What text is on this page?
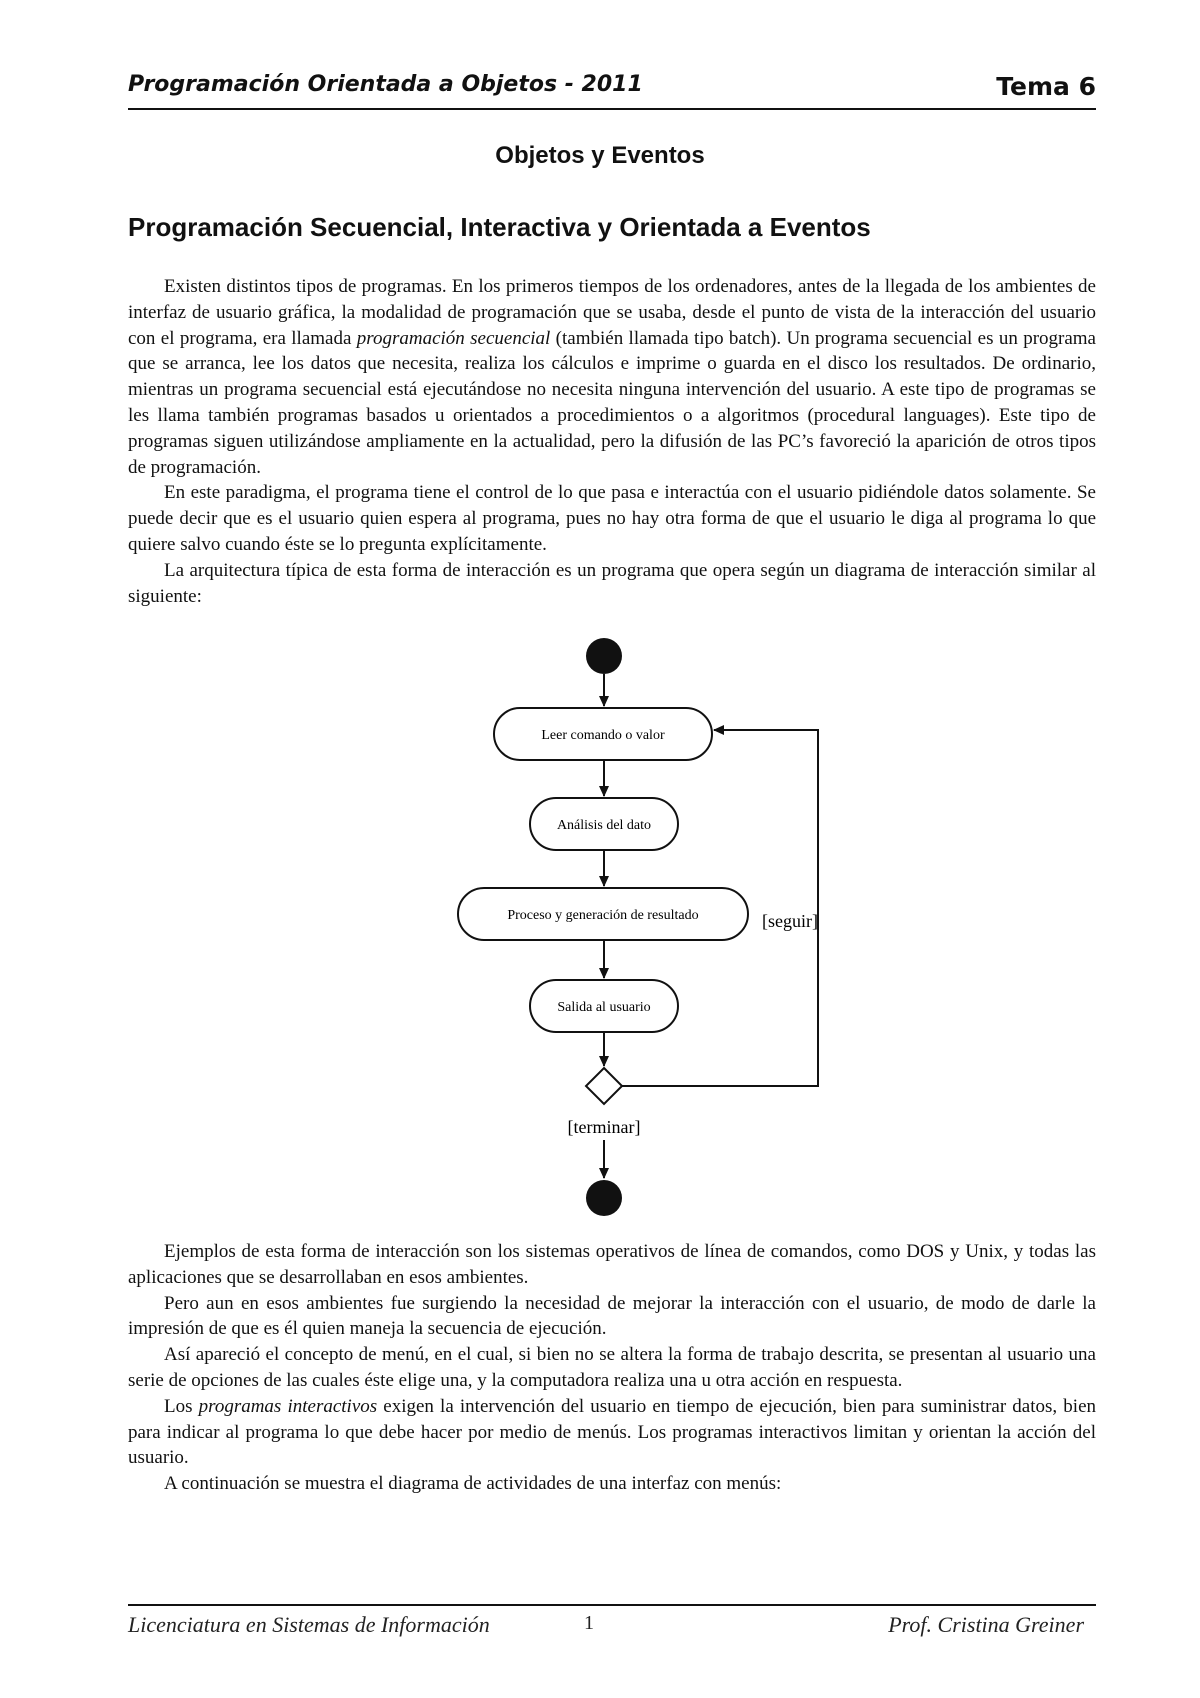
Programación Orientada a Objetos - 2011	Tema 6
Objetos y Eventos
Programación Secuencial, Interactiva y Orientada a Eventos

Existen distintos tipos de programas. En los primeros tiempos de los ordenadores, antes de la llegada de los ambientes de interfaz de usuario gráfica, la modalidad de programación que se usaba, desde el punto de vista de la interacción del usuario con el programa, era llamada programación secuencial (también llamada tipo batch). Un programa secuencial es un programa que se arranca, lee los datos que necesita, realiza los cálculos e imprime o guarda en el disco los resultados. De ordinario, mientras un programa secuencial está ejecutándose no necesita ninguna intervención del usuario. A este tipo de programas se les llama también programas basados u orientados a procedimientos o a algoritmos (procedural languages). Este tipo de programas siguen utilizándose ampliamente en la actualidad, pero la difusión de las PC’s favoreció la aparición de otros tipos de programación.

En este paradigma, el programa tiene el control de lo que pasa e interactúa con el usuario pidiéndole datos solamente. Se puede decir que es el usuario quien espera al programa, pues no hay otra forma de que el usuario le diga al programa lo que quiere salvo cuando éste se lo pregunta explícitamente.

La arquitectura típica de esta forma de interacción es un programa que opera según un diagrama de interacción similar al siguiente:

Leer comando o valor
Análisis del dato
Proceso y generación de resultado
Salida al usuario
[seguir]
[terminar]

Ejemplos de esta forma de interacción son los sistemas operativos de línea de comandos, como DOS y Unix, y todas las aplicaciones que se desarrollaban en esos ambientes.

Pero aun en esos ambientes fue surgiendo la necesidad de mejorar la interacción con el usuario, de modo de darle la impresión de que es él quien maneja la secuencia de ejecución.

Así apareció el concepto de menú, en el cual, si bien no se altera la forma de trabajo descrita, se presentan al usuario una serie de opciones de las cuales éste elige una, y la computadora realiza una u otra acción en respuesta.

Los programas interactivos exigen la intervención del usuario en tiempo de ejecución, bien para suministrar datos, bien para indicar al programa lo que debe hacer por medio de menús. Los programas interactivos limitan y orientan la acción del usuario.

A continuación se muestra el diagrama de actividades de una interfaz con menús:

Licenciatura en Sistemas de Información	1	Prof. Cristina Greiner
